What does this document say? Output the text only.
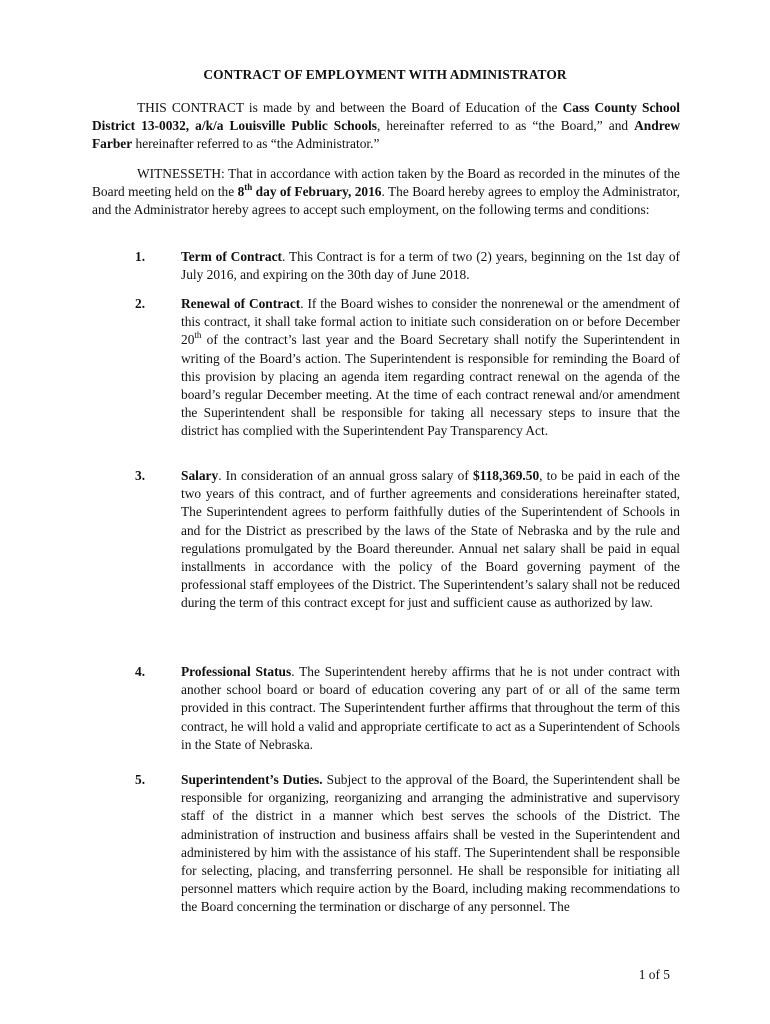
CONTRACT OF EMPLOYMENT WITH ADMINISTRATOR
THIS CONTRACT is made by and between the Board of Education of the Cass County School District 13-0032, a/k/a Louisville Public Schools, hereinafter referred to as “the Board,” and Andrew Farber hereinafter referred to as “the Administrator.”
WITNESSETH: That in accordance with action taken by the Board as recorded in the minutes of the Board meeting held on the 8th day of February, 2016. The Board hereby agrees to employ the Administrator, and the Administrator hereby agrees to accept such employment, on the following terms and conditions:
1.	Term of Contract. This Contract is for a term of two (2) years, beginning on the 1st day of July 2016, and expiring on the 30th day of June 2018.
2.	Renewal of Contract. If the Board wishes to consider the nonrenewal or the amendment of this contract, it shall take formal action to initiate such consideration on or before December 20th of the contract’s last year and the Board Secretary shall notify the Superintendent in writing of the Board’s action. The Superintendent is responsible for reminding the Board of this provision by placing an agenda item regarding contract renewal on the agenda of the board’s regular December meeting. At the time of each contract renewal and/or amendment the Superintendent shall be responsible for taking all necessary steps to insure that the district has complied with the Superintendent Pay Transparency Act.
3.	Salary. In consideration of an annual gross salary of $118,369.50, to be paid in each of the two years of this contract, and of further agreements and considerations hereinafter stated, The Superintendent agrees to perform faithfully duties of the Superintendent of Schools in and for the District as prescribed by the laws of the State of Nebraska and by the rule and regulations promulgated by the Board thereunder. Annual net salary shall be paid in equal installments in accordance with the policy of the Board governing payment of the professional staff employees of the District. The Superintendent’s salary shall not be reduced during the term of this contract except for just and sufficient cause as authorized by law.
4.	Professional Status. The Superintendent hereby affirms that he is not under contract with another school board or board of education covering any part of or all of the same term provided in this contract. The Superintendent further affirms that throughout the term of this contract, he will hold a valid and appropriate certificate to act as a Superintendent of Schools in the State of Nebraska.
5.	Superintendent’s Duties. Subject to the approval of the Board, the Superintendent shall be responsible for organizing, reorganizing and arranging the administrative and supervisory staff of the district in a manner which best serves the schools of the District. The administration of instruction and business affairs shall be vested in the Superintendent and administered by him with the assistance of his staff. The Superintendent shall be responsible for selecting, placing, and transferring personnel. He shall be responsible for initiating all personnel matters which require action by the Board, including making recommendations to the Board concerning the termination or discharge of any personnel. The
1 of 5
